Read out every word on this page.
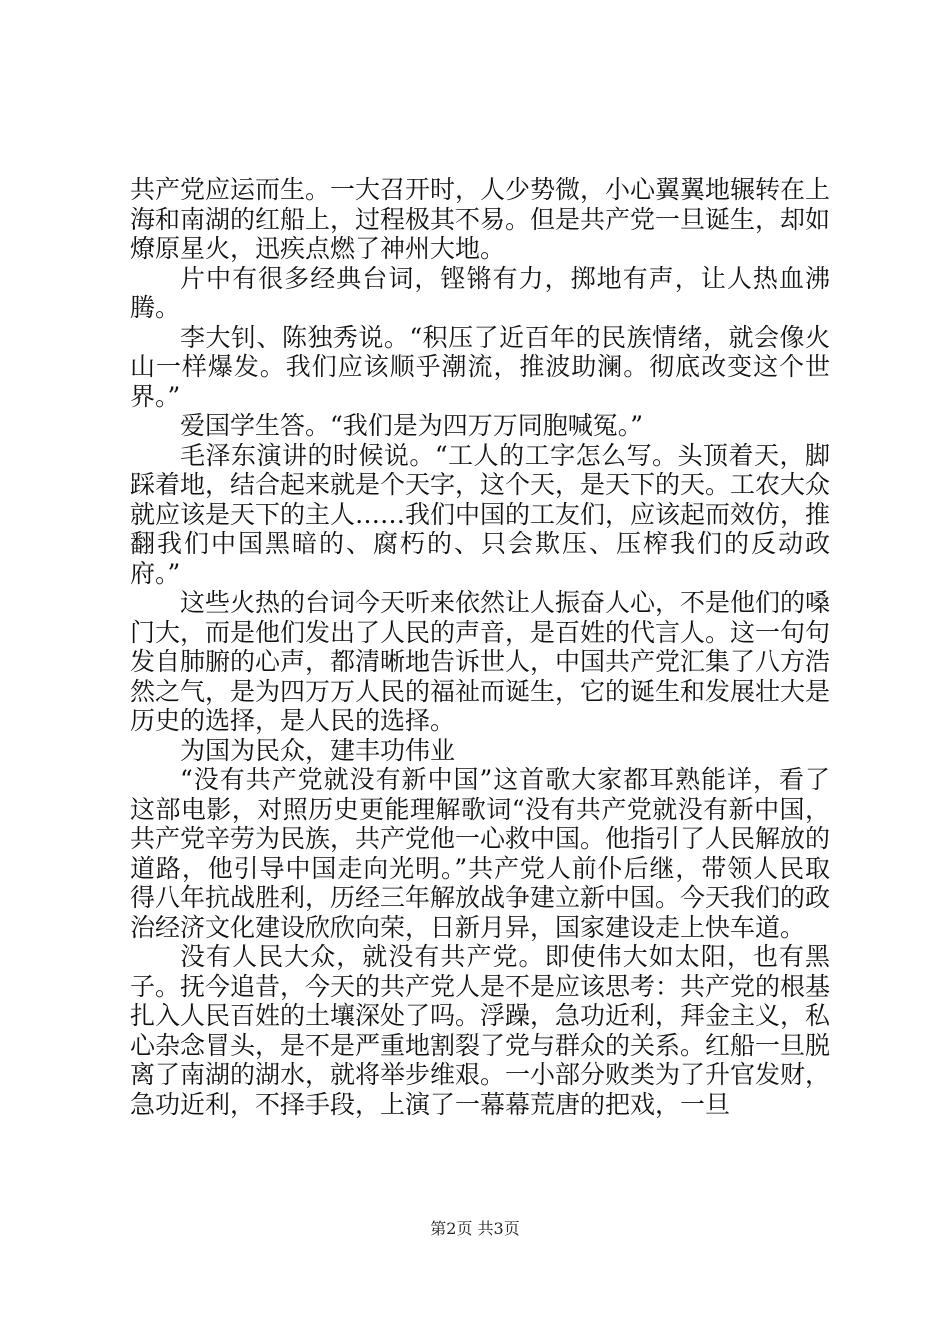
共产党应运而生。一大召开时，人少势微，小心翼翼地辗转在上海和南湖的红船上，过程极其不易。但是共产党一旦诞生，却如燎原星火，迅疾点燃了神州大地。

片中有很多经典台词，铿锵有力，掷地有声，让人热血沸腾。

李大钊、陈独秀说。“积压了近百年的民族情绪，就会像火山一样爆发。我们应该顺乎潮流，推波助澜。彻底改变这个世界。”

爱国学生答。“我们是为四万万同胞喊冤。”

毛泽东演讲的时候说。“工人的工字怎么写。头顶着天，脚踩着地，结合起来就是个天字，这个天，是天下的天。工农大众就应该是天下的主人……我们中国的工友们，应该起而效仿，推翻我们中国黑暗的、腐朽的、只会欺压、压榨我们的反动政府。”

这些火热的台词今天听来依然让人振奋人心，不是他们的嗓门大，而是他们发出了人民的声音，是百姓的代言人。这一句句发自肺腑的心声，都清晰地告诉世人，中国共产党汇集了八方浩然之气，是为四万万人民的福祉而诞生，它的诞生和发展壮大是历史的选择，是人民的选择。

为国为民众，建丰功伟业

“没有共产党就没有新中国”这首歌大家都耳熟能详，看了这部电影，对照历史更能理解歌词“没有共产党就没有新中国，共产党辛劳为民族，共产党他一心救中国。他指引了人民解放的道路，他引导中国走向光明。”共产党人前仆后继，带领人民取得八年抗战胜利，历经三年解放战争建立新中国。今天我们的政治经济文化建设欣欣向荣，日新月异，国家建设走上快车道。

没有人民大众，就没有共产党。即使伟大如太阳，也有黑子。抚今追昔，今天的共产党人是不是应该思考：共产党的根基扎入人民百姓的土壤深处了吗。浮躁，急功近利，拜金主义，私心杂念冒头，是不是严重地割裂了党与群众的关系。红船一旦脱离了南湖的湖水，就将举步维艰。一小部分败类为了升官发财，急功近利，不择手段，上演了一幕幕荒唐的把戏，一旦

第2页 共3页
